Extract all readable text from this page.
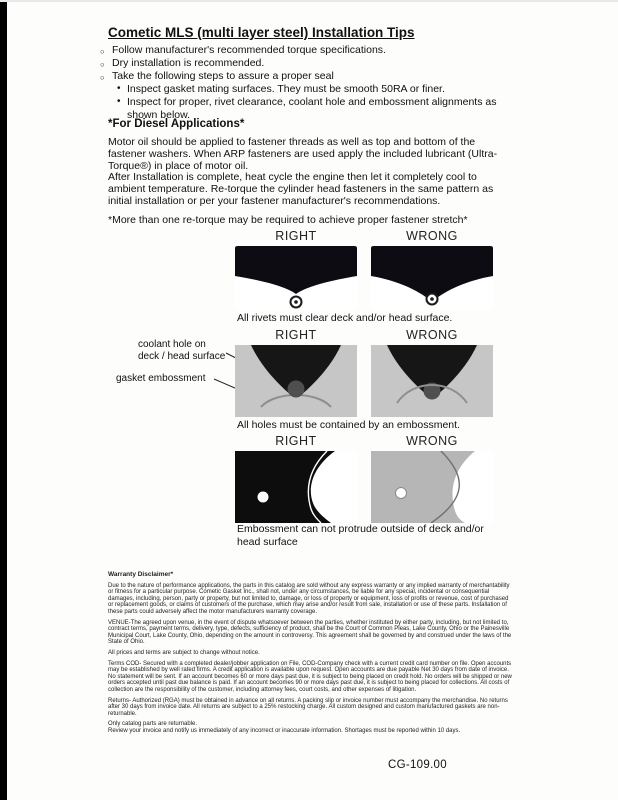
Cometic MLS (multi layer steel) Installation Tips
○ Follow manufacturer's recommended torque specifications.
○ Dry installation is recommended.
○ Take the following steps to assure a proper seal
• Inspect gasket mating surfaces. They must be smooth 50RA or finer.
• Inspect for proper, rivet clearance, coolant hole and embossment alignments as shown below.
*For Diesel Applications*
Motor oil should be applied to fastener threads as well as top and bottom of the fastener washers. When ARP fasteners are used apply the included lubricant (Ultra-Torque®) in place of motor oil.
After Installation is complete, heat cycle the engine then let it completely cool to ambient temperature. Re-torque the cylinder head fasteners in the same pattern as initial installation or per your fastener manufacturer's recommendations.
*More than one re-torque may be required to achieve proper fastener stretch*
RIGHT	WRONG
All rivets must clear deck and/or head surface.
coolant hole on deck / head surface
gasket embossment
RIGHT	WRONG
All holes must be contained by an embossment.
RIGHT	WRONG
Embossment can not protrude outside of deck and/or head surface
Warranty Disclaimer*

Due to the nature of performance applications, the parts in this catalog are sold without any express warranty or any implied warranty of merchantability or fitness for a particular purpose. Cometic Gasket Inc., shall not, under any circumstances, be liable for any special, incidental or consequential damages, including, person, party or property, but not limited to, damage, or loss of property or equipment, loss of profits or revenue, cost of purchased or replacement goods, or claims of customers of the purchase, which may arise and/or result from sale, installation or use of these parts. Installation of these parts could adversely affect the motor manufacturers warranty coverage.

VENUE-The agreed upon venue, in the event of dispute whatsoever between the parties, whether instituted by either party, including, but not limited to, contract terms, payment terms, delivery, type, defects, sufficiency of product, shall be the Court of Common Pleas, Lake County, Ohio or the Painesville Municipal Court, Lake County, Ohio, depending on the amount in controversy. This agreement shall be governed by and construed under the laws of the State of Ohio.

All prices and terms are subject to change without notice.

Terms COD- Secured with a completed dealer/jobber application on File, COD-Company check with a current credit card number on file. Open accounts may be established by well rated firms. A credit application is available upon request. Open accounts are due payable Net 30 days from date of invoice. No statement will be sent. If an account becomes 60 or more days past due, it is subject to being placed on credit hold. No orders will be shipped or new orders accepted until past due balance is paid. If an account becomes 90 or more days past due, it is subject to being placed for collections. All costs of collection are the responsibility of the customer, including attorney fees, court costs, and other expenses of litigation.

Returns- Authorized (RGA) must be obtained in advance on all returns. A packing slip or invoice number must accompany the merchandise. No returns after 30 days from invoice date. All returns are subject to a 25% restocking charge. All custom designed and custom manufactured gaskets are non-returnable.

Only catalog parts are returnable.

Review your invoice and notify us immediately of any incorrect or inaccurate information. Shortages must be reported within 10 days.

CG-109.00
